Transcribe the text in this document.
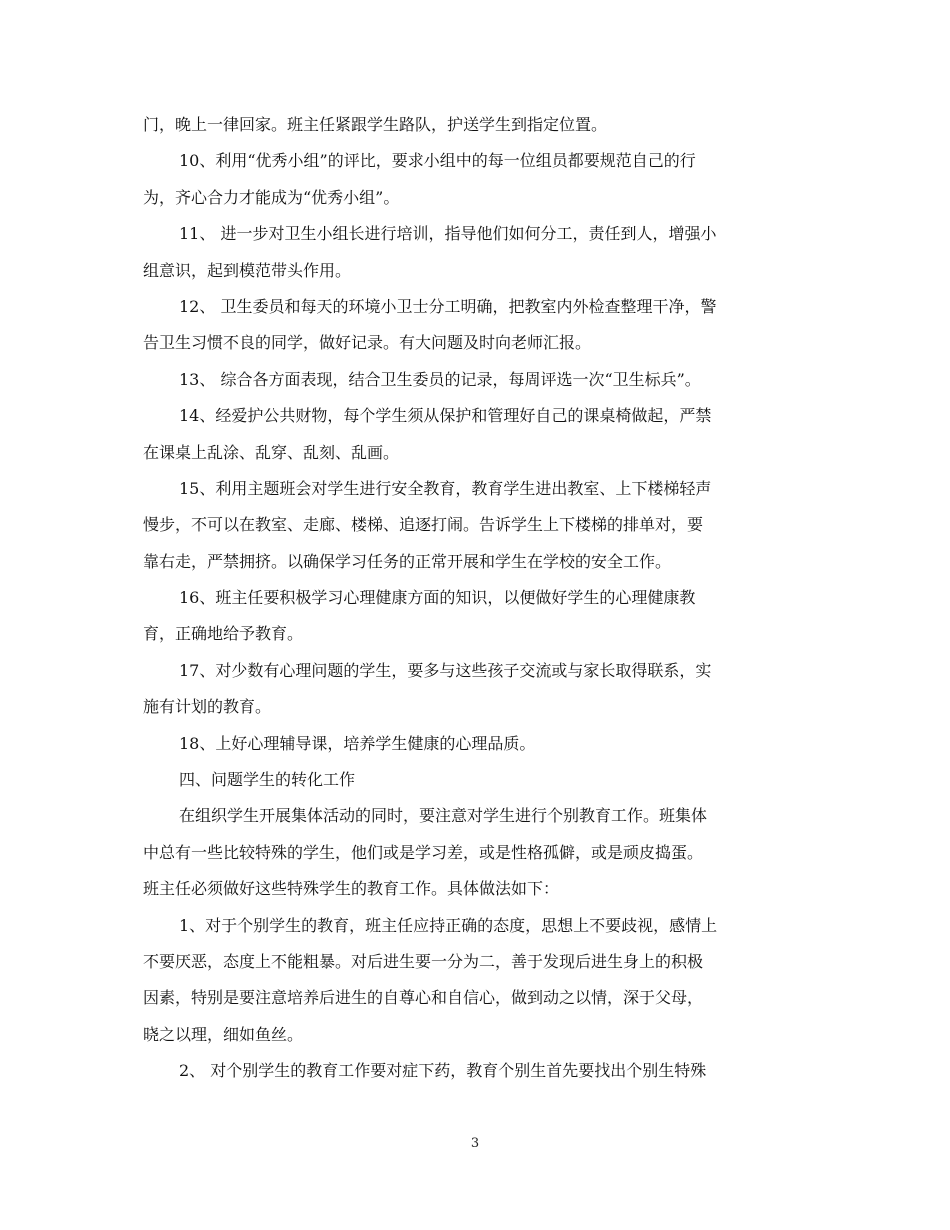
门，晚上一律回家。班主任紧跟学生路队，护送学生到指定位置。
10、利用“优秀小组”的评比，要求小组中的每一位组员都要规范自己的行
为，齐心合力才能成为“优秀小组”。
11、 进一步对卫生小组长进行培训，指导他们如何分工，责任到人，增强小
组意识，起到模范带头作用。
12、 卫生委员和每天的环境小卫士分工明确，把教室内外检查整理干净，警
告卫生习惯不良的同学，做好记录。有大问题及时向老师汇报。
13、 综合各方面表现，结合卫生委员的记录，每周评选一次“卫生标兵”。
14、经爱护公共财物，每个学生须从保护和管理好自己的课桌椅做起，严禁
在课桌上乱涂、乱穿、乱刻、乱画。
15、利用主题班会对学生进行安全教育，教育学生进出教室、上下楼梯轻声
慢步，不可以在教室、走廊、楼梯、追逐打闹。告诉学生上下楼梯的排单对，要
靠右走，严禁拥挤。以确保学习任务的正常开展和学生在学校的安全工作。
16、班主任要积极学习心理健康方面的知识，以便做好学生的心理健康教
育，正确地给予教育。
17、对少数有心理问题的学生，要多与这些孩子交流或与家长取得联系，实
施有计划的教育。
18、上好心理辅导课，培养学生健康的心理品质。
四、问题学生的转化工作
在组织学生开展集体活动的同时，要注意对学生进行个别教育工作。班集体
中总有一些比较特殊的学生，他们或是学习差，或是性格孤僻，或是顽皮捣蛋。
班主任必须做好这些特殊学生的教育工作。具体做法如下：
1、对于个别学生的教育，班主任应持正确的态度，思想上不要歧视，感情上
不要厌恶，态度上不能粗暴。对后进生要一分为二，善于发现后进生身上的积极
因素，特别是要注意培养后进生的自尊心和自信心，做到动之以情，深于父母，
晓之以理，细如鱼丝。
2、 对个别学生的教育工作要对症下药，教育个别生首先要找出个别生特殊
3
